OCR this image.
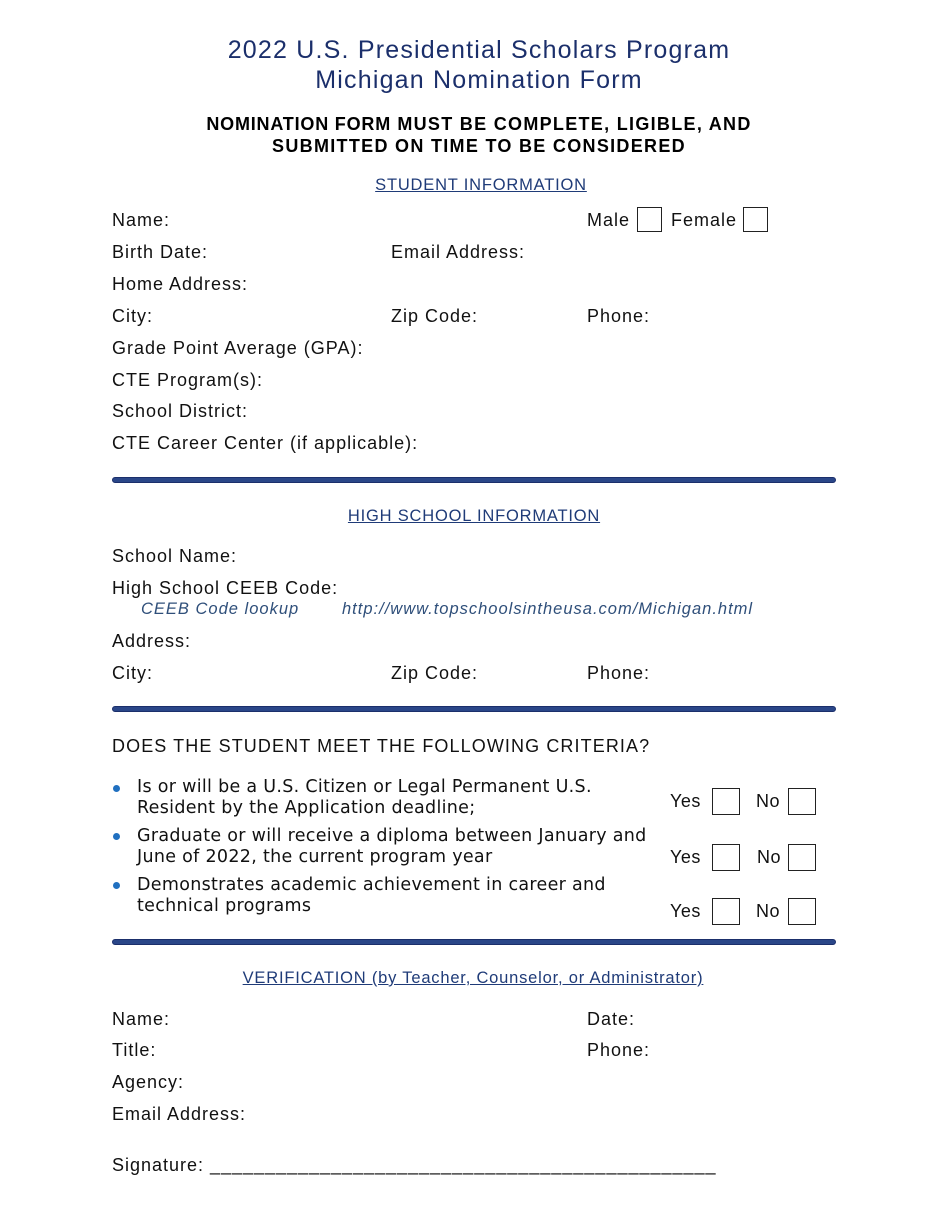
2022 U.S. Presidential Scholars Program
Michigan Nomination Form
NOMINATION FORM MUST BE COMPLETE, LIGIBLE, AND
SUBMITTED ON TIME TO BE CONSIDERED
STUDENT INFORMATION
Name:	Male Female
Birth Date:	Email Address:
Home Address:
City:	Zip Code:	Phone:
Grade Point Average (GPA):
CTE Program(s):
School District:
CTE Career Center (if applicable):
HIGH SCHOOL INFORMATION
School Name:
High School CEEB Code:
CEEB Code lookup	http://www.topschoolsintheusa.com/Michigan.html
Address:
City:	Zip Code:	Phone:
DOES THE STUDENT MEET THE FOLLOWING CRITERIA?
Is or will be a U.S. Citizen or Legal Permanent U.S.
Resident by the Application deadline;	Yes	No
Graduate or will receive a diploma between January and
June of 2022, the current program year	Yes	No
Demonstrates academic achievement in career and
technical programs	Yes	No
VERIFICATION (by Teacher, Counselor, or Administrator)
Name:	Date:
Title:	Phone:
Agency:
Email Address:
Signature: ______________________________________________
